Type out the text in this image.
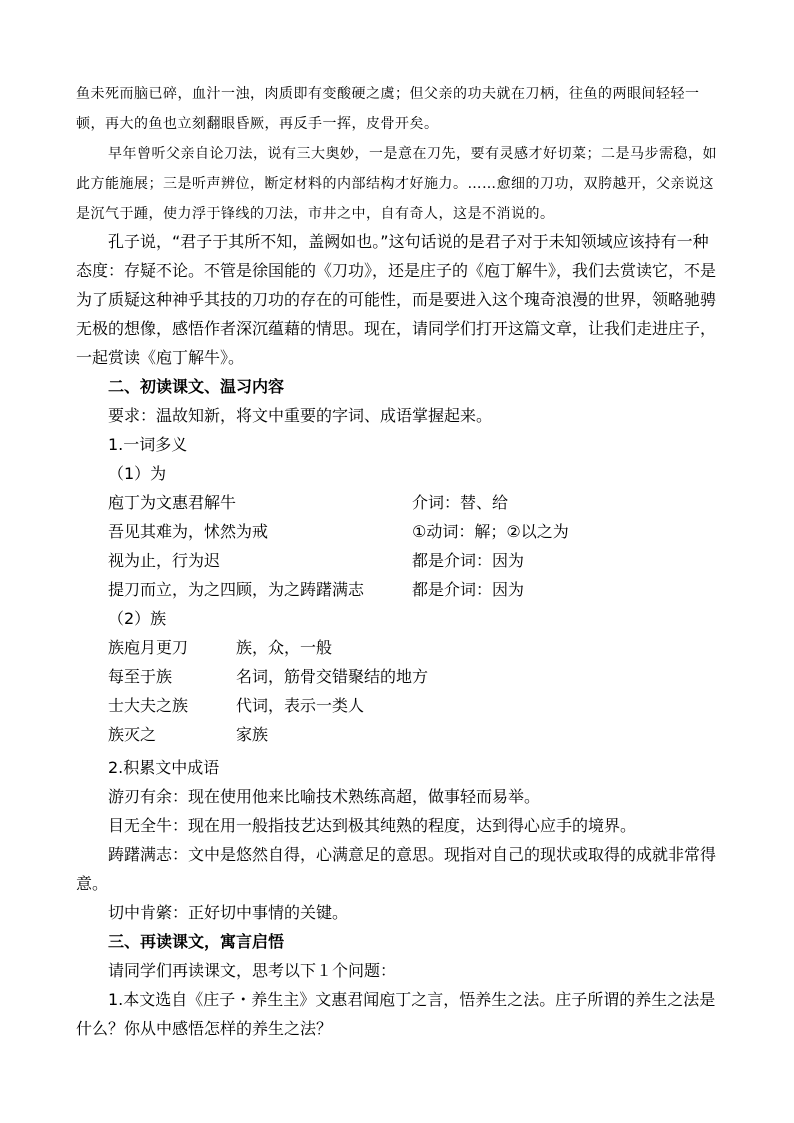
鱼未死而脑已碎，血汁一浊，肉质即有变酸硬之虞；但父亲的功夫就在刀柄，往鱼的两眼间轻轻一顿，再大的鱼也立刻翻眼昏厥，再反手一挥，皮骨开矣。
早年曾听父亲自论刀法，说有三大奥妙，一是意在刀先，要有灵感才好切菜；二是马步需稳，如此方能施展；三是听声辨位，断定材料的内部结构才好施力。……愈细的刀功，双胯越开，父亲说这是沉气于踵，使力浮于锋线的刀法，市井之中，自有奇人，这是不消说的。
孔子说，“君子于其所不知，盖阙如也。”这句话说的是君子对于未知领域应该持有一种态度：存疑不论。不管是徐国能的《刀功》，还是庄子的《庖丁解牛》，我们去赏读它，不是为了质疑这种神乎其技的刀功的存在的可能性，而是要进入这个瑰奇浪漫的世界，领略驰骋无极的想像，感悟作者深沉蕴藉的情思。现在，请同学们打开这篇文章，让我们走进庄子，一起赏读《庖丁解牛》。
二、初读课文、温习内容
要求：温故知新，将文中重要的字词、成语掌握起来。
1.一词多义
（1）为
庖丁为文惠君解牛	介词：替、给
吾见其难为，怵然为戒	①动词：解；②以之为
视为止，行为迟	都是介词：因为
提刀而立，为之四顾，为之踌躇满志	都是介词：因为
（2）族
族庖月更刀	族，众，一般
每至于族	名词，筋骨交错聚结的地方
士大夫之族	代词，表示一类人
族灭之	家族
2.积累文中成语
游刃有余：现在使用他来比喻技术熟练高超，做事轻而易举。
目无全牛：现在用一般指技艺达到极其纯熟的程度，达到得心应手的境界。
踌躇满志：文中是悠然自得，心满意足的意思。现指对自己的现状或取得的成就非常得意。
切中肯綮：正好切中事情的关键。
三、再读课文，寓言启悟
请同学们再读课文，思考以下１个问题：
1.本文选自《庄子・养生主》文惠君闻庖丁之言，悟养生之法。庄子所谓的养生之法是什么？你从中感悟怎样的养生之法？
